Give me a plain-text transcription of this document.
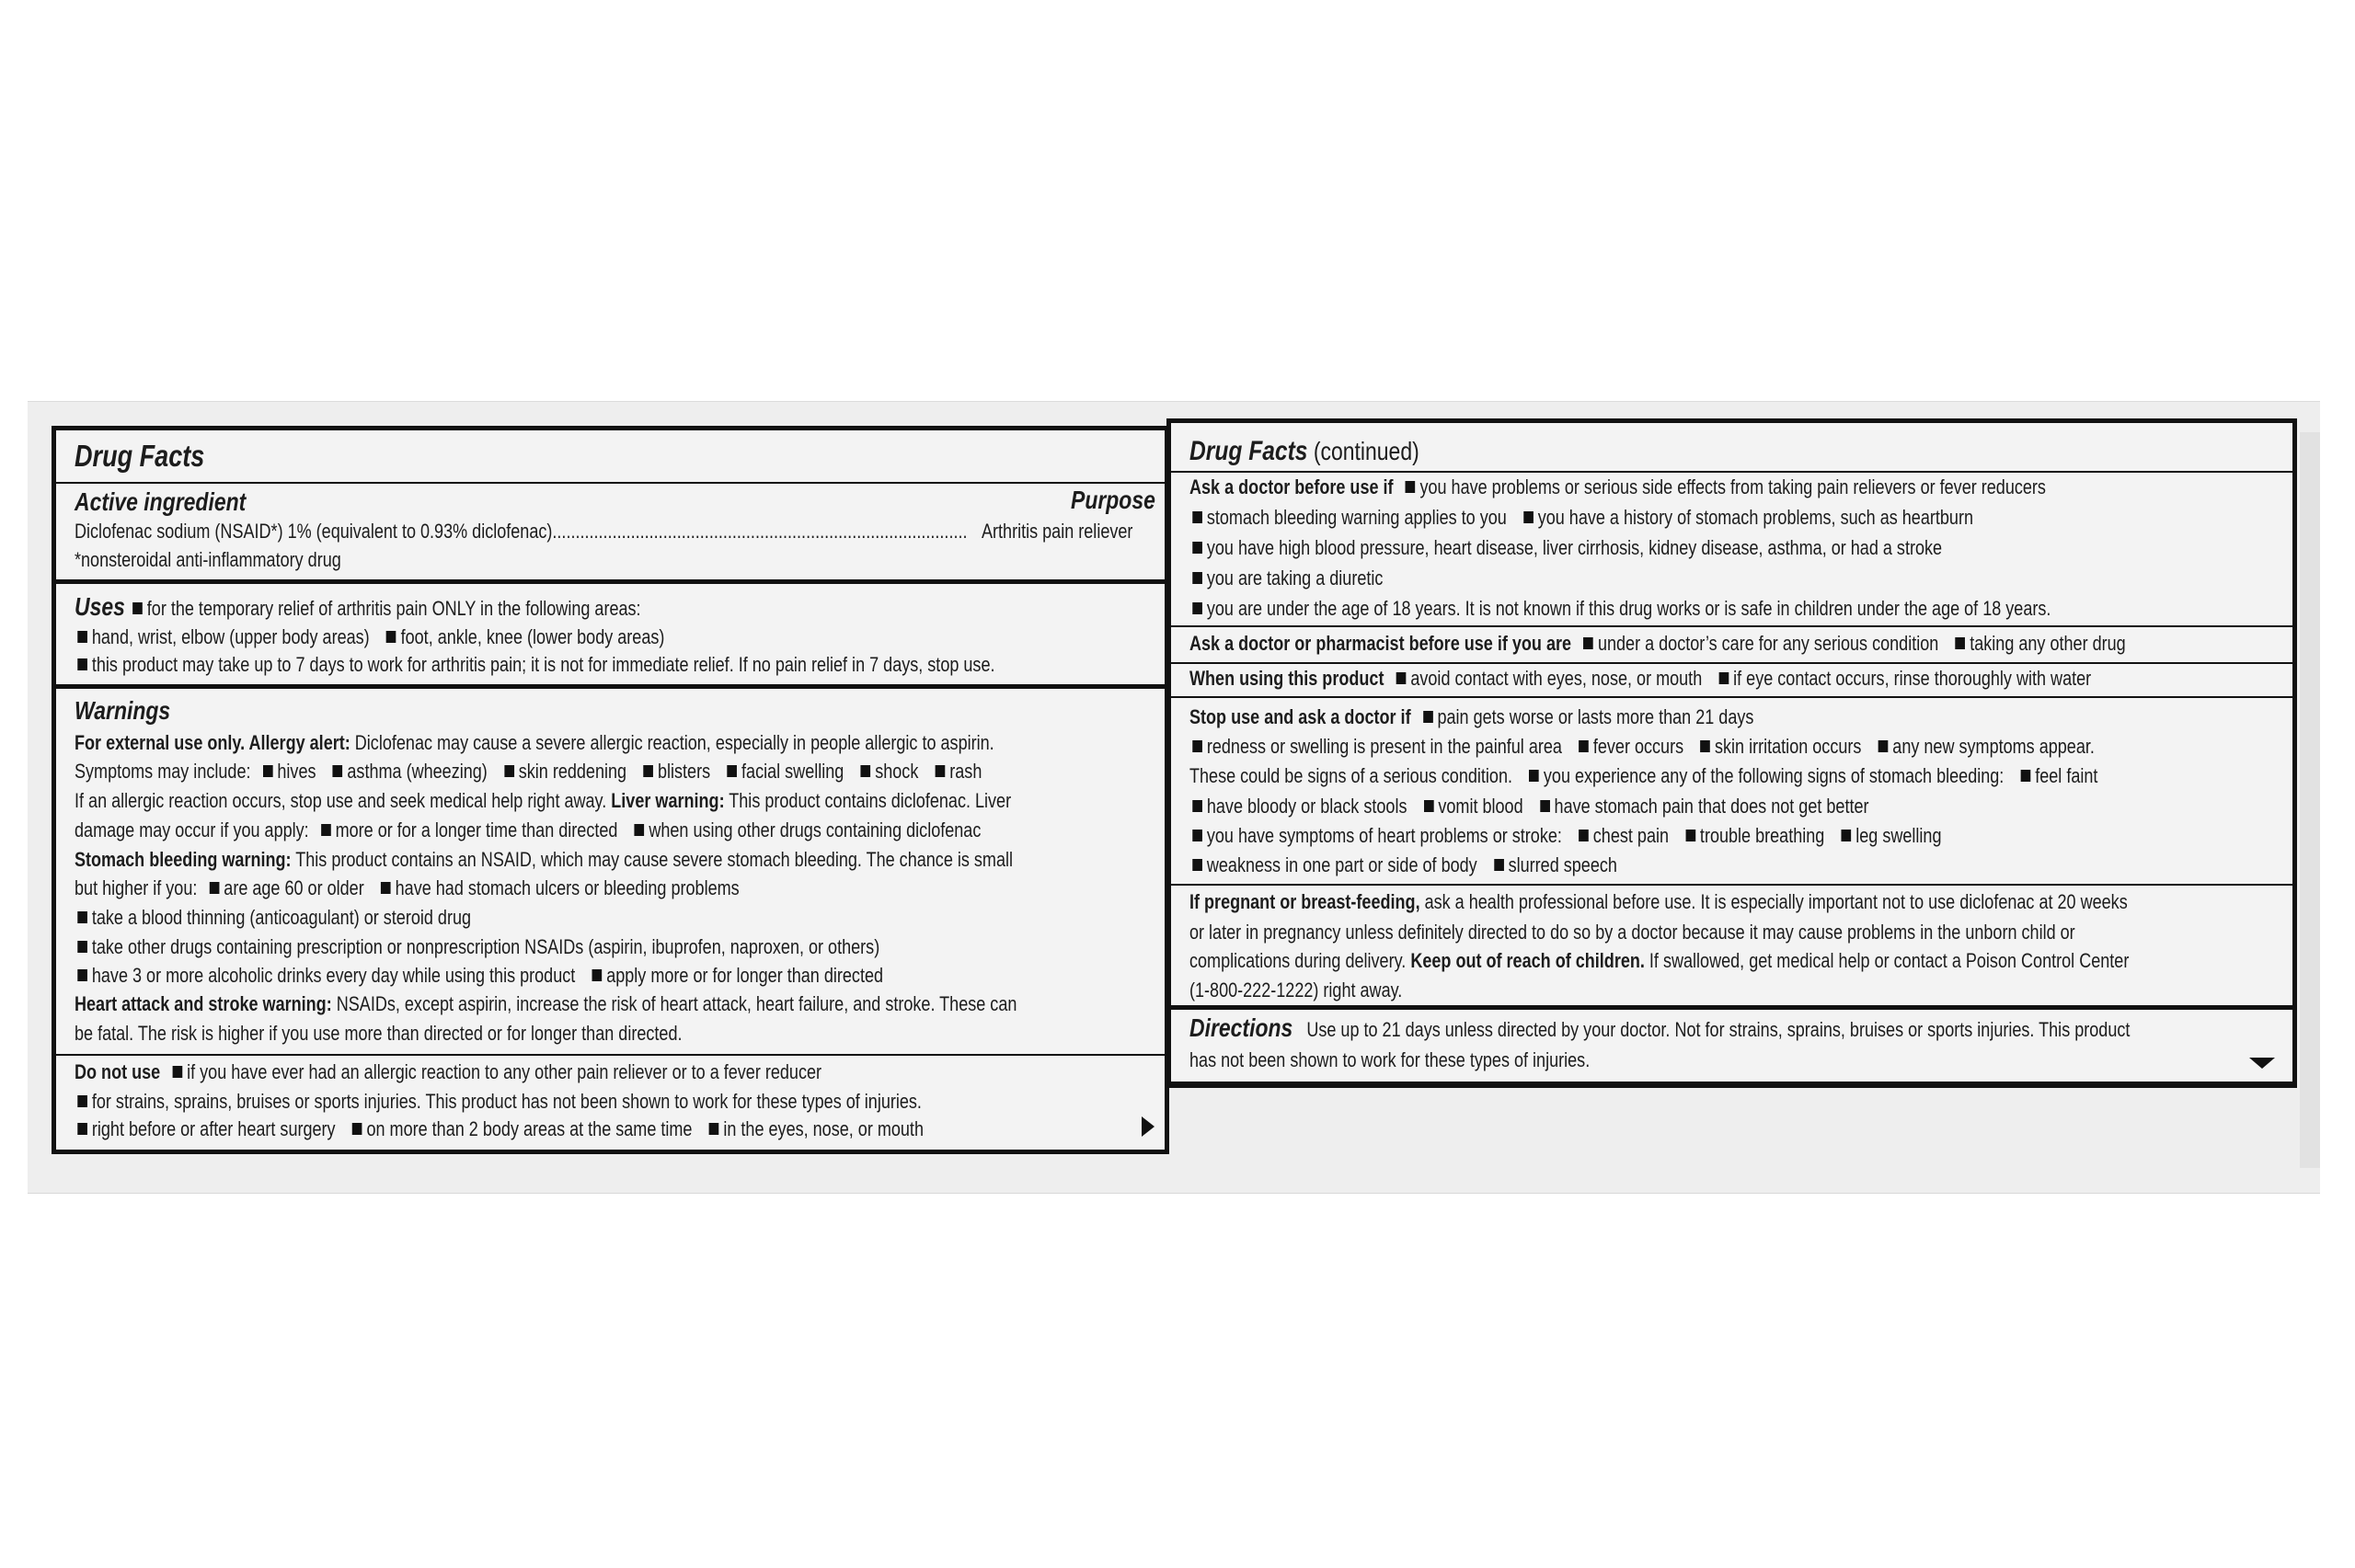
Drug Facts
Active ingredient	Purpose
Diclofenac sodium (NSAID*) 1% (equivalent to 0.93% diclofenac).......................................................................................... Arthritis pain reliever
*nonsteroidal anti-inflammatory drug
Uses for the temporary relief of arthritis pain ONLY in the following areas:
hand, wrist, elbow (upper body areas) foot, ankle, knee (lower body areas)
this product may take up to 7 days to work for arthritis pain; it is not for immediate relief. If no pain relief in 7 days, stop use.
Warnings
For external use only. Allergy alert: Diclofenac may cause a severe allergic reaction, especially in people allergic to aspirin.
Symptoms may include: hives asthma (wheezing) skin reddening blisters facial swelling shock rash
If an allergic reaction occurs, stop use and seek medical help right away. Liver warning: This product contains diclofenac. Liver
damage may occur if you apply: more or for a longer time than directed when using other drugs containing diclofenac
Stomach bleeding warning: This product contains an NSAID, which may cause severe stomach bleeding. The chance is small
but higher if you: are age 60 or older have had stomach ulcers or bleeding problems
take a blood thinning (anticoagulant) or steroid drug
take other drugs containing prescription or nonprescription NSAIDs (aspirin, ibuprofen, naproxen, or others)
have 3 or more alcoholic drinks every day while using this product apply more or for longer than directed
Heart attack and stroke warning: NSAIDs, except aspirin, increase the risk of heart attack, heart failure, and stroke. These can
be fatal. The risk is higher if you use more than directed or for longer than directed.
Do not use if you have ever had an allergic reaction to any other pain reliever or to a fever reducer
for strains, sprains, bruises or sports injuries. This product has not been shown to work for these types of injuries.
right before or after heart surgery on more than 2 body areas at the same time in the eyes, nose, or mouth
Drug Facts (continued)
Ask a doctor before use if you have problems or serious side effects from taking pain relievers or fever reducers
stomach bleeding warning applies to you you have a history of stomach problems, such as heartburn
you have high blood pressure, heart disease, liver cirrhosis, kidney disease, asthma, or had a stroke
you are taking a diuretic
you are under the age of 18 years. It is not known if this drug works or is safe in children under the age of 18 years.
Ask a doctor or pharmacist before use if you are under a doctor’s care for any serious condition taking any other drug
When using this product avoid contact with eyes, nose, or mouth if eye contact occurs, rinse thoroughly with water
Stop use and ask a doctor if pain gets worse or lasts more than 21 days
redness or swelling is present in the painful area fever occurs skin irritation occurs any new symptoms appear.
These could be signs of a serious condition. you experience any of the following signs of stomach bleeding: feel faint
have bloody or black stools vomit blood have stomach pain that does not get better
you have symptoms of heart problems or stroke: chest pain trouble breathing leg swelling
weakness in one part or side of body slurred speech
If pregnant or breast-feeding, ask a health professional before use. It is especially important not to use diclofenac at 20 weeks
or later in pregnancy unless definitely directed to do so by a doctor because it may cause problems in the unborn child or
complications during delivery. Keep out of reach of children. If swallowed, get medical help or contact a Poison Control Center
(1-800-222-1222) right away.
Directions Use up to 21 days unless directed by your doctor. Not for strains, sprains, bruises or sports injuries. This product
has not been shown to work for these types of injuries.
